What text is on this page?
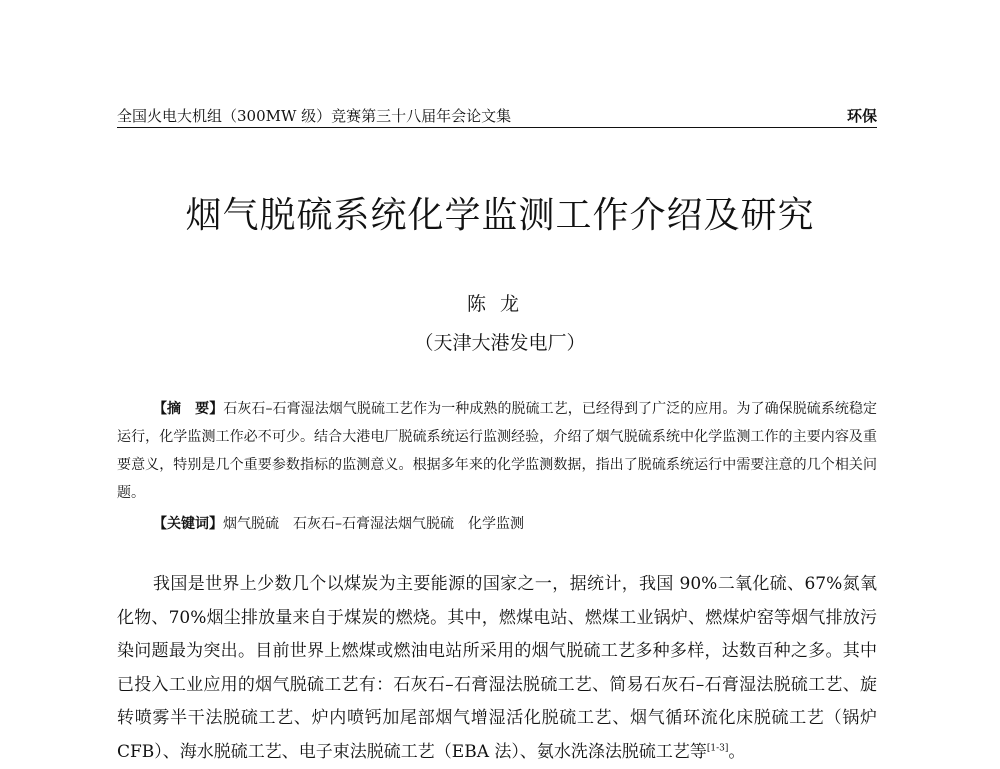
全国火电大机组（300MW 级）竞赛第三十八届年会论文集	环保
烟气脱硫系统化学监测工作介绍及研究
陈龙
（天津大港发电厂）
【摘　要】石灰石–石膏湿法烟气脱硫工艺作为一种成熟的脱硫工艺，已经得到了广泛的应用。为了确保脱硫系统稳定运行，化学监测工作必不可少。结合大港电厂脱硫系统运行监测经验，介绍了烟气脱硫系统中化学监测工作的主要内容及重要意义，特别是几个重要参数指标的监测意义。根据多年来的化学监测数据，指出了脱硫系统运行中需要注意的几个相关问题。
【关键词】烟气脱硫　石灰石–石膏湿法烟气脱硫　化学监测
我国是世界上少数几个以煤炭为主要能源的国家之一，据统计，我国 90%二氧化硫、67%氮氧化物、70%烟尘排放量来自于煤炭的燃烧。其中，燃煤电站、燃煤工业锅炉、燃煤炉窑等烟气排放污染问题最为突出。目前世界上燃煤或燃油电站所采用的烟气脱硫工艺多种多样，达数百种之多。其中已投入工业应用的烟气脱硫工艺有：石灰石–石膏湿法脱硫工艺、简易石灰石–石膏湿法脱硫工艺、旋转喷雾半干法脱硫工艺、炉内喷钙加尾部烟气增湿活化脱硫工艺、烟气循环流化床脱硫工艺（锅炉 CFB）、海水脱硫工艺、电子束法脱硫工艺（EBA 法）、氨水洗涤法脱硫工艺等[1-3]。
